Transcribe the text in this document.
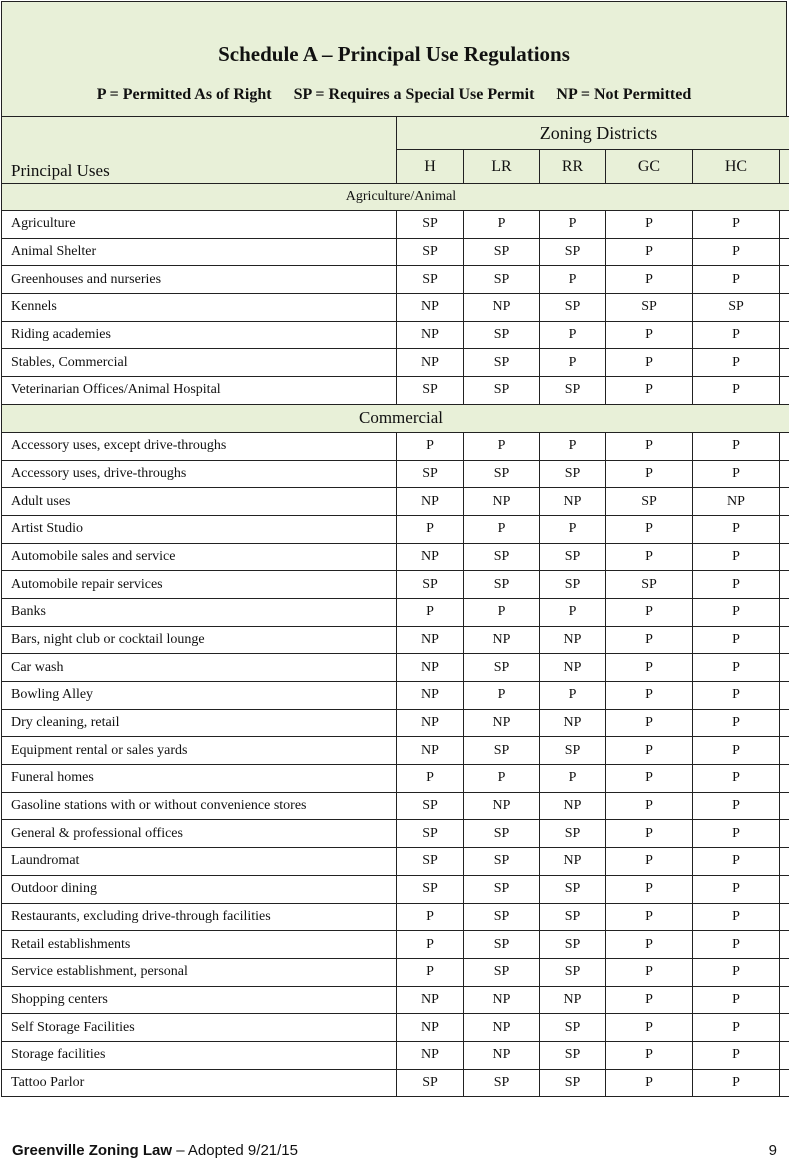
Schedule A – Principal Use Regulations
P = Permitted As of Right SP = Requires a Special Use Permit NP = Not Permitted
Principal Uses	Zoning Districts					
	H	LR	RR	GC	HC	
Agriculture/Animal						
Agriculture	SP	P	P	P	P	
Animal Shelter	SP	SP	SP	P	P	
Greenhouses and nurseries	SP	SP	P	P	P	
Kennels	NP	NP	SP	SP	SP	
Riding academies	NP	SP	P	P	P	
Stables, Commercial	NP	SP	P	P	P	
Veterinarian Offices/Animal Hospital	SP	SP	SP	P	P	
Commercial						
Accessory uses, except drive-throughs	P	P	P	P	P	
Accessory uses, drive-throughs	SP	SP	SP	P	P	
Adult uses	NP	NP	NP	SP	NP	
Artist Studio	P	P	P	P	P	
Automobile sales and service	NP	SP	SP	P	P	
Automobile repair services	SP	SP	SP	SP	P	
Banks	P	P	P	P	P	
Bars, night club or cocktail lounge	NP	NP	NP	P	P	
Car wash	NP	SP	NP	P	P	
Bowling Alley	NP	P	P	P	P	
Dry cleaning, retail	NP	NP	NP	P	P	
Equipment rental or sales yards	NP	SP	SP	P	P	
Funeral homes	P	P	P	P	P	
Gasoline stations with or without convenience stores	SP	NP	NP	P	P	
General & professional offices	SP	SP	SP	P	P	
Laundromat	SP	SP	NP	P	P	
Outdoor dining	SP	SP	SP	P	P	
Restaurants, excluding drive-through facilities	P	SP	SP	P	P	
Retail establishments	P	SP	SP	P	P	
Service establishment, personal	P	SP	SP	P	P	
Shopping centers	NP	NP	NP	P	P	
Self Storage Facilities	NP	NP	SP	P	P	
Storage facilities	NP	NP	SP	P	P	
Tattoo Parlor	SP	SP	SP	P	P	
Greenville Zoning Law – Adopted 9/21/15	9
